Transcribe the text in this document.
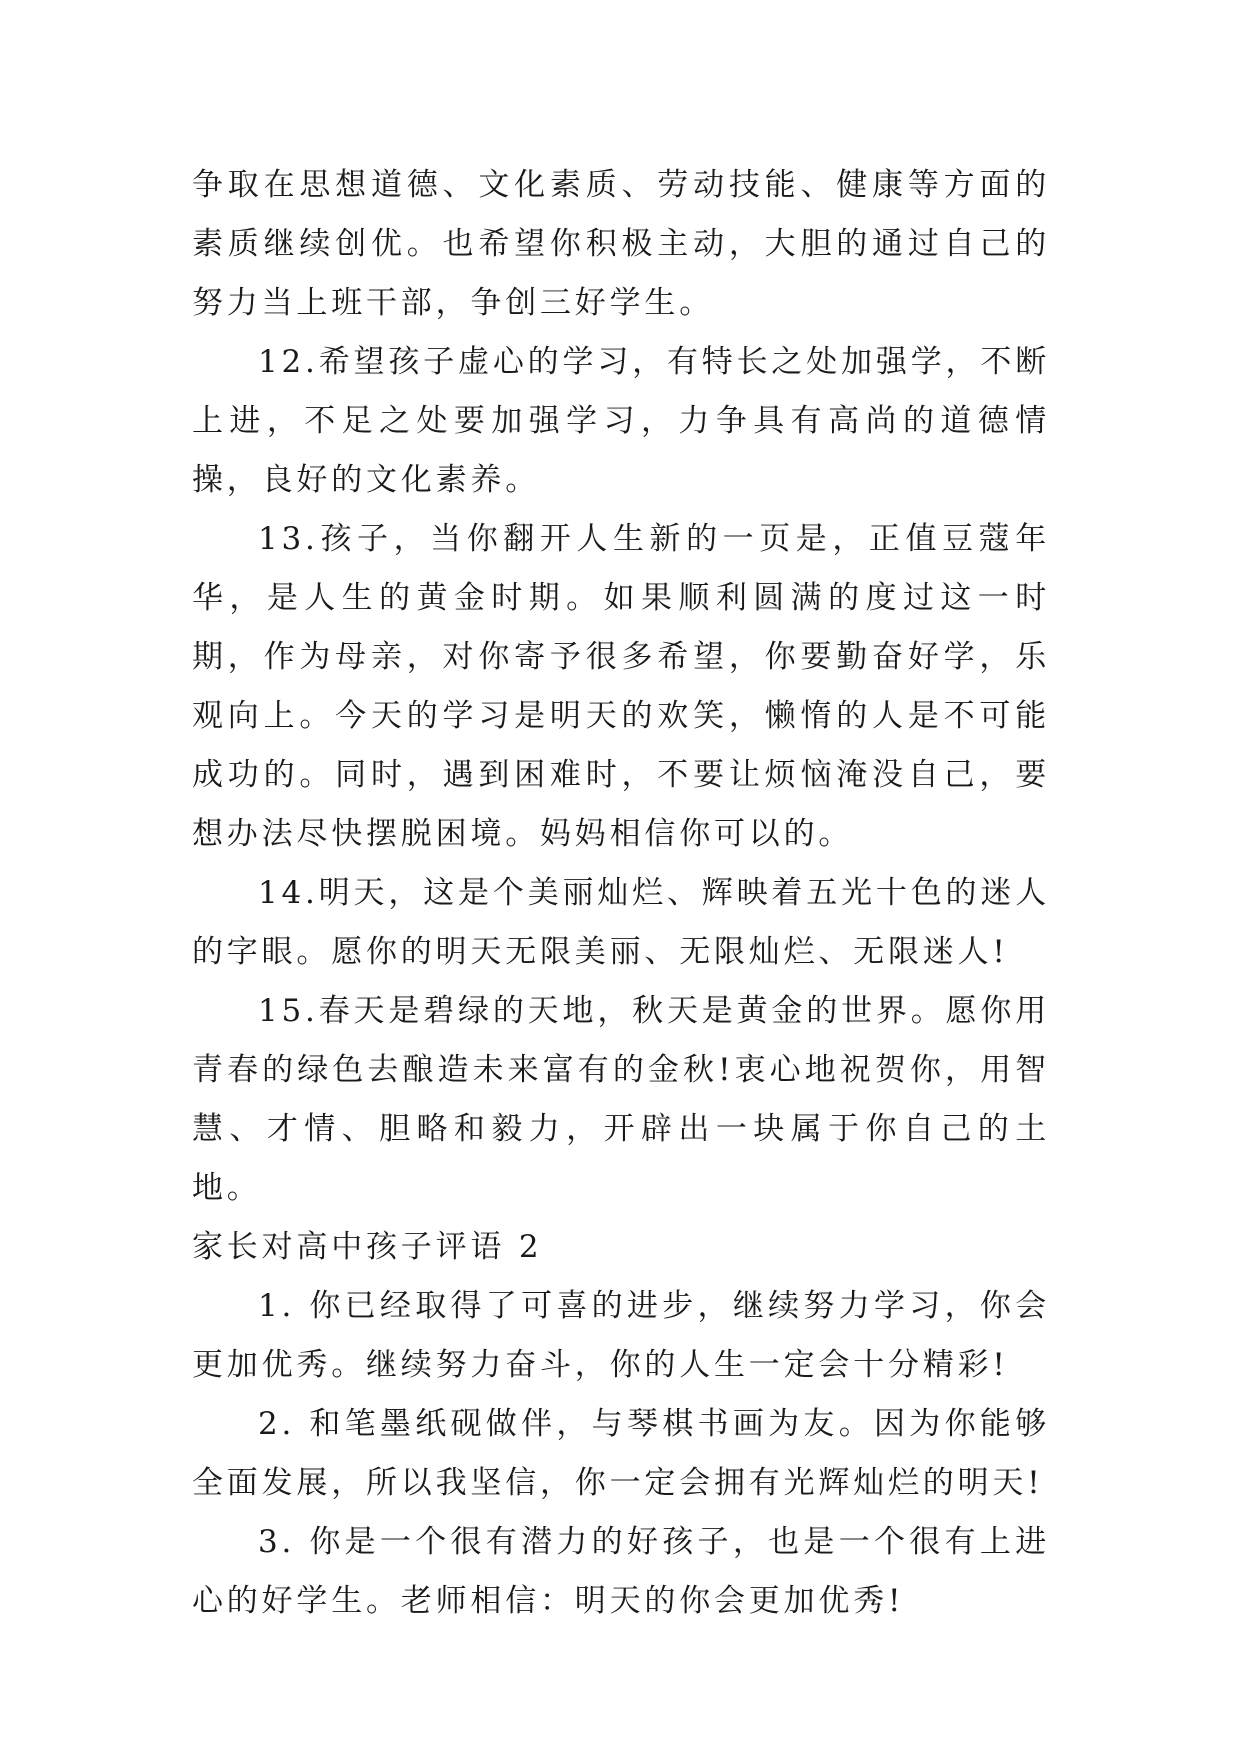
争取在思想道德、文化素质、劳动技能、健康等方面的素质继续创优。也希望你积极主动，大胆的通过自己的努力当上班干部，争创三好学生。

12.希望孩子虚心的学习，有特长之处加强学，不断上进，不足之处要加强学习，力争具有高尚的道德情操，良好的文化素养。

13.孩子，当你翻开人生新的一页是，正值豆蔻年华，是人生的黄金时期。如果顺利圆满的度过这一时期，作为母亲，对你寄予很多希望，你要勤奋好学，乐观向上。今天的学习是明天的欢笑，懒惰的人是不可能成功的。同时，遇到困难时，不要让烦恼淹没自己，要想办法尽快摆脱困境。妈妈相信你可以的。

14.明天，这是个美丽灿烂、辉映着五光十色的迷人的字眼。愿你的明天无限美丽、无限灿烂、无限迷人!

15.春天是碧绿的天地，秋天是黄金的世界。愿你用青春的绿色去酿造未来富有的金秋!衷心地祝贺你，用智慧、才情、胆略和毅力，开辟出一块属于你自己的土地。

家长对高中孩子评语 2

1. 你已经取得了可喜的进步，继续努力学习，你会更加优秀。继续努力奋斗，你的人生一定会十分精彩!

2. 和笔墨纸砚做伴，与琴棋书画为友。因为你能够全面发展，所以我坚信，你一定会拥有光辉灿烂的明天!

3. 你是一个很有潜力的好孩子，也是一个很有上进心的好学生。老师相信：明天的你会更加优秀!
